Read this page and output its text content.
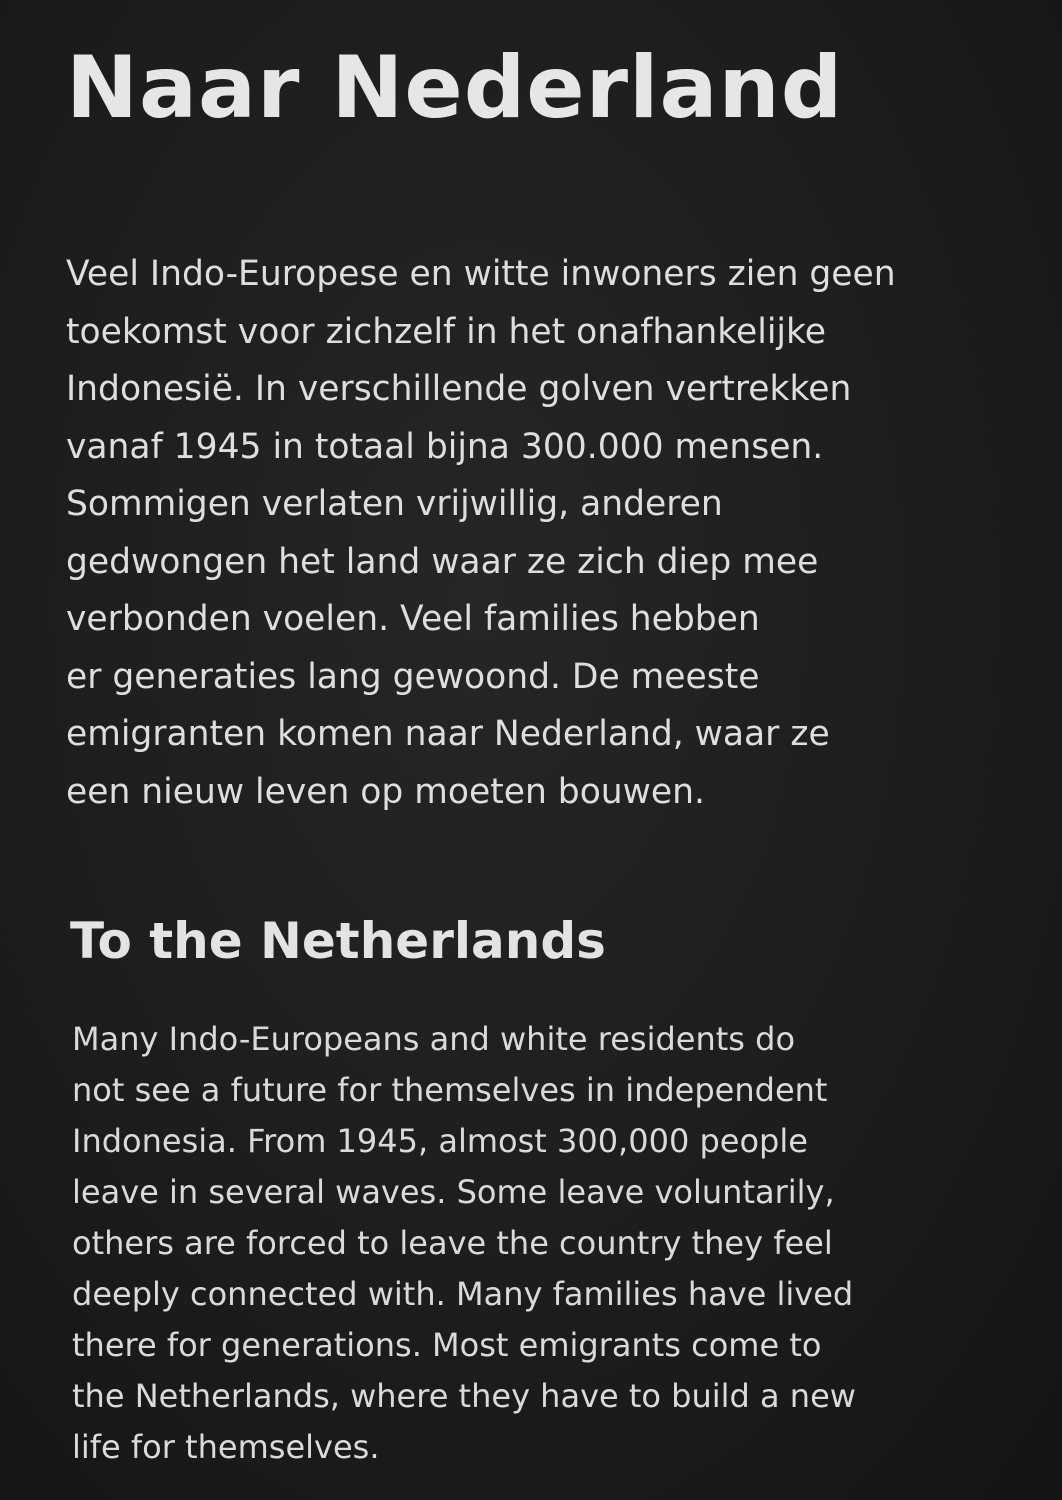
Naar Nederland

Veel Indo-Europese en witte inwoners zien geen
toekomst voor zichzelf in het onafhankelijke
Indonesië. In verschillende golven vertrekken
vanaf 1945 in totaal bijna 300.000 mensen.
Sommigen verlaten vrijwillig, anderen
gedwongen het land waar ze zich diep mee
verbonden voelen. Veel families hebben
er generaties lang gewoond. De meeste
emigranten komen naar Nederland, waar ze
een nieuw leven op moeten bouwen.

To the Netherlands

Many Indo-Europeans and white residents do
not see a future for themselves in independent
Indonesia. From 1945, almost 300,000 people
leave in several waves. Some leave voluntarily,
others are forced to leave the country they feel
deeply connected with. Many families have lived
there for generations. Most emigrants come to
the Netherlands, where they have to build a new
life for themselves.
